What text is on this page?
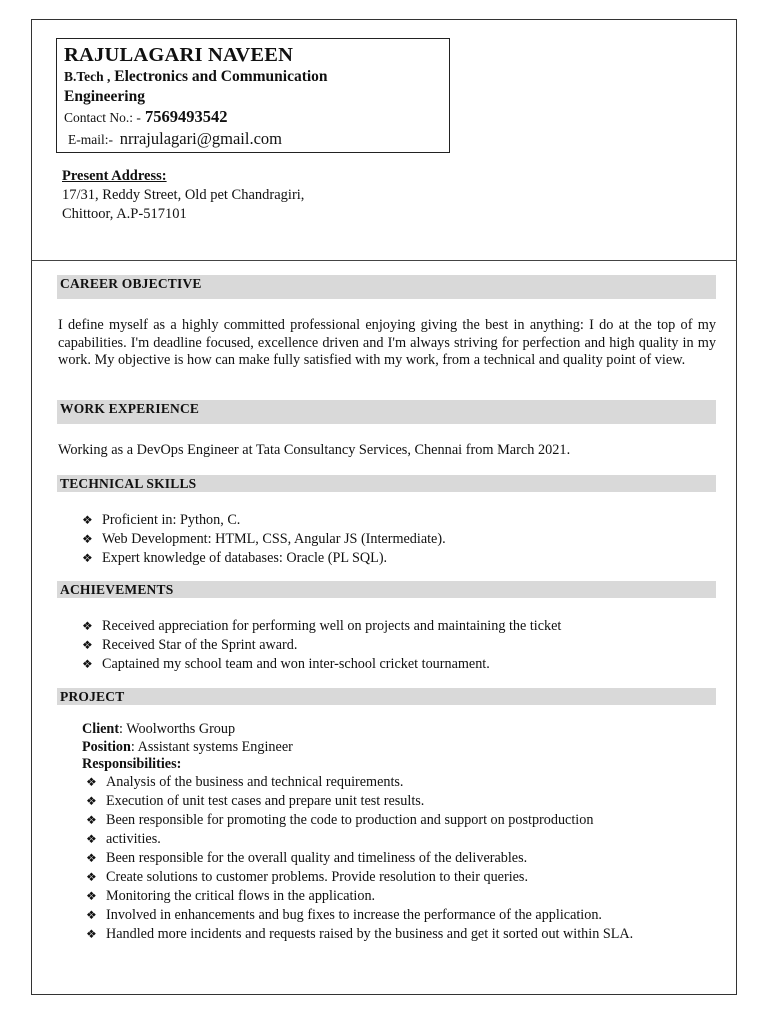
RAJULAGARI NAVEEN
B.Tech , Electronics and Communication
Engineering
Contact No.: - 7569493542
E-mail:- nrrajulagari@gmail.com
Present Address:
17/31, Reddy Street, Old pet Chandragiri,
Chittoor, A.P-517101
CAREER OBJECTIVE
I define myself as a highly committed professional enjoying giving the best in anything: I do at the top of my capabilities. I'm deadline focused, excellence driven and I'm always striving for perfection and high quality in my work. My objective is how can make fully satisfied with my work, from a technical and quality point of view.
WORK EXPERIENCE
Working as a DevOps Engineer at Tata Consultancy Services, Chennai from March 2021.
TECHNICAL SKILLS
❖ Proficient in: Python, C.
❖ Web Development: HTML, CSS, Angular JS (Intermediate).
❖ Expert knowledge of databases: Oracle (PL SQL).
ACHIEVEMENTS
❖ Received appreciation for performing well on projects and maintaining the ticket
❖ Received Star of the Sprint award.
❖ Captained my school team and won inter-school cricket tournament.
PROJECT
Client: Woolworths Group
Position: Assistant systems Engineer
Responsibilities:
❖ Analysis of the business and technical requirements.
❖ Execution of unit test cases and prepare unit test results.
❖ Been responsible for promoting the code to production and support on postproduction
❖ activities.
❖ Been responsible for the overall quality and timeliness of the deliverables.
❖ Create solutions to customer problems. Provide resolution to their queries.
❖ Monitoring the critical flows in the application.
❖ Involved in enhancements and bug fixes to increase the performance of the application.
❖ Handled more incidents and requests raised by the business and get it sorted out within SLA.
